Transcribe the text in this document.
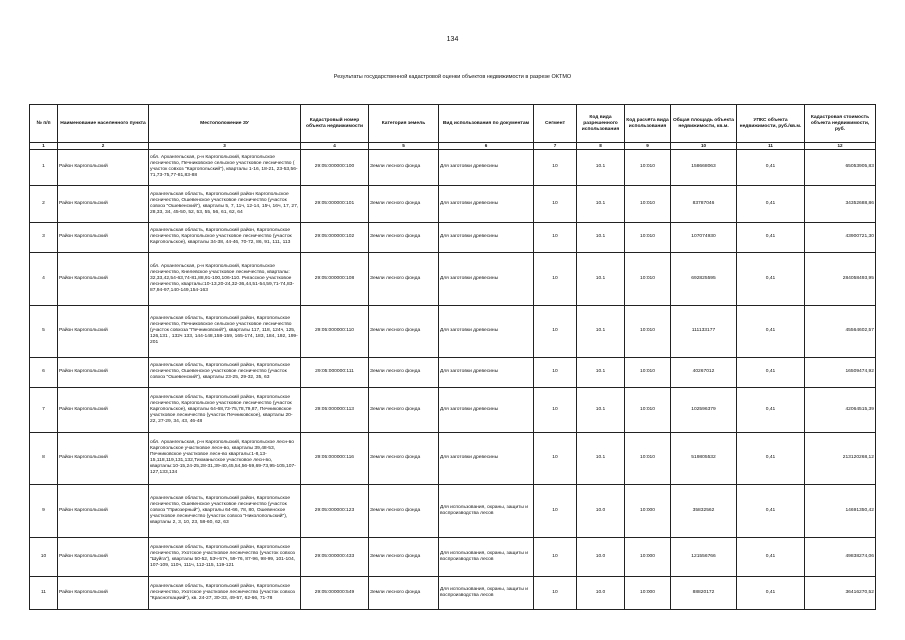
134
Результаты государственной кадастровой оценки объектов недвижимости в разрезе ОКТМО
№ п/п	Наименование населенного пункта	Местоположение ЗУ	Кадастровый номер объекта недвижимости	Категория земель	Вид использования по документам	Сегмент	Код вида разрешенного использования	Код расчёта вида использования	Общая площадь объекта недвижимости, кв.м.	УПКС объекта недвижимости, руб./кв.м.	Кадастровая стоимость объекта недвижимости, руб.
1	2	3	4	5	6	7	8	9	10	11	12
1	Район Каргопольский	обл. Архангельская, р-н Каргопольский, Каргопольское лесничество, Печниковское сельское участковое лесничество ( участок совхоз "Каргопольский"), кварталы 1-16, 18-21, 23-53,56-71,73-75,77-81,83-88	29:05:000000:100	Земли лесного фонда	Для заготовки древесины	10	10.1	10:010	158668063	0,41	65053905,83
2	Район Каргопольский	Архангельская область, Каргопольский район Каргопольское лесничество, Ошевенское участковое лесничество (участок совхоз "Ошевенский"), кварталы 5, 7, 11ч, 12-14, 15ч, 16ч, 17, 27, 28,33, 34, 45-50, 52, 53, 55, 56, 61, 62, 64	29:05:000000:101	Земли лесного фонда	Для заготовки древесины	10	10.1	10:010	83787046	0,41	34352688,86
3	Район Каргопольский	Архангельская область, Каргопольский район, Каргопольское лесничество, Каргопольское участковое лесничество (участок Каргопольское), кварталы 34-38, 44-46, 70-72, 86, 91, 111, 113	29:05:000000:102	Земли лесного фонда	Для заготовки древесины	10	10.1	10:010	107074930	0,41	43900721,30
4	Район Каргопольский	обл. Архангельская, р-н Каргопольский, Каргопольское лесничество, Кнелевское участковое лесничество, кварталы: 32,33,42,54-63,74-81,88,91-100,106-110. Ригасское участковое лесничество, кварталы:10-13,20-24,32-36,44,51-54,59,71-74,83-87,94-97,140-149,154-163	29:05:000000:108	Земли лесного фонда	Для заготовки древесины	10	10.1	10:010	692825595	0,41	284058493,95
5	Район Каргопольский	Архангельская область, Каргопольский район, Каргопольское лесничество, Печниковское сельское участковое лесничество (участок совхоза "Печниковский"), кварталы 117, 118, 124ч, 125, 126,131 , 132ч 133, 144-148,158-159, 165-174, 183, 184, 192, 199-201	29:05:000000:110	Земли лесного фонда	Для заготовки древесины	10	10.1	10:010	111133177	0,41	45564602,57
6	Район Каргопольский	Архангельская область, Каргопольский район, Каргопольское лесничество, Ошевенское участковое лесничество (участок совхоз "Ошевенский"), кварталы 23-25, 29-32, 35, 63	29:05:000000:111	Земли лесного фонда	Для заготовки древесины	10	10.1	10:010	40267012	0,41	16509474,92
7	Район Каргопольский	Архангельская область, Каргопольский район, Каргопольское лесничество, Каргопольское участковое лесничество (участок Каргопольское), кварталы 64-68,73-75,78,79,87, Печниковское участковое лесничество (участок Печниковское), кварталы 20-22, 27-29, 34, 43, 46-48	29:05:000000:113	Земли лесного фонда	Для заготовки древесины	10	10.1	10:010	102596379	0,41	42064515,39
8	Район Каргопольский	обл. Архангельская, р-н Каргопольский, Каргопольское лесн-во Каргопольское участковое лесн-во, кварталы 39,48-53, Печниковское участковое лесн-во кварталы:1-8,13-15,118,119,131,132,Тихманьгское участковое лесн-во, кварталы:10-15,24-25,28-31,39-40,45,54,56-59,69-73,95-105,107-127,133,134	29:05:000000:116	Земли лесного фонда	Для заготовки древесины	10	10.1	10:010	519805532	0,41	213120268,12
9	Район Каргопольский	Архангельская область, Каргопольский район, Каргопольское лесничество, Ошевенское участковое лесничество (участок совхоз "Приозерный"), кварталы 64-66, 78, 80, Ошевенское участковое лесничество (участок совхоз "Николопольский"), кварталы 2, 3, 10, 23, 58-60, 62, 63	29:05:000000:123	Земли лесного фонда	Для использования, охраны, защиты и воспроизводства лесов	10	10.0	10:000	35832562	0,41	14691350,42
10	Район Каргопольский	Архангельская область, Каргопольский район, Каргопольское лесничество, Ухотское участковое лесничество (участок совхоз "Шуйга"), кварталы 50-52, 53ч-57ч, 59-76, 87-96, 98-99, 101-104, 107-109, 110ч, 111ч, 112-115, 119-121	29:05:000000:433	Земли лесного фонда	Для использования, охраны, защиты и воспроизводства лесов	10	10.0	10:000	121556766	0,41	49838274,06
11	Район Каргопольский	Архангельская область, Каргопольский район, Каргопольское лесничество, Ухотское участковое лесничество (участок совхоз "Красноткацкий"), кв. 24-27, 30-33, 49-57, 62-66, 71-78	29:05:000000:549	Земли лесного фонда	Для использования, охраны, защиты и воспроизводства лесов	10	10.0	10:000	88820172	0,41	36416270,52
